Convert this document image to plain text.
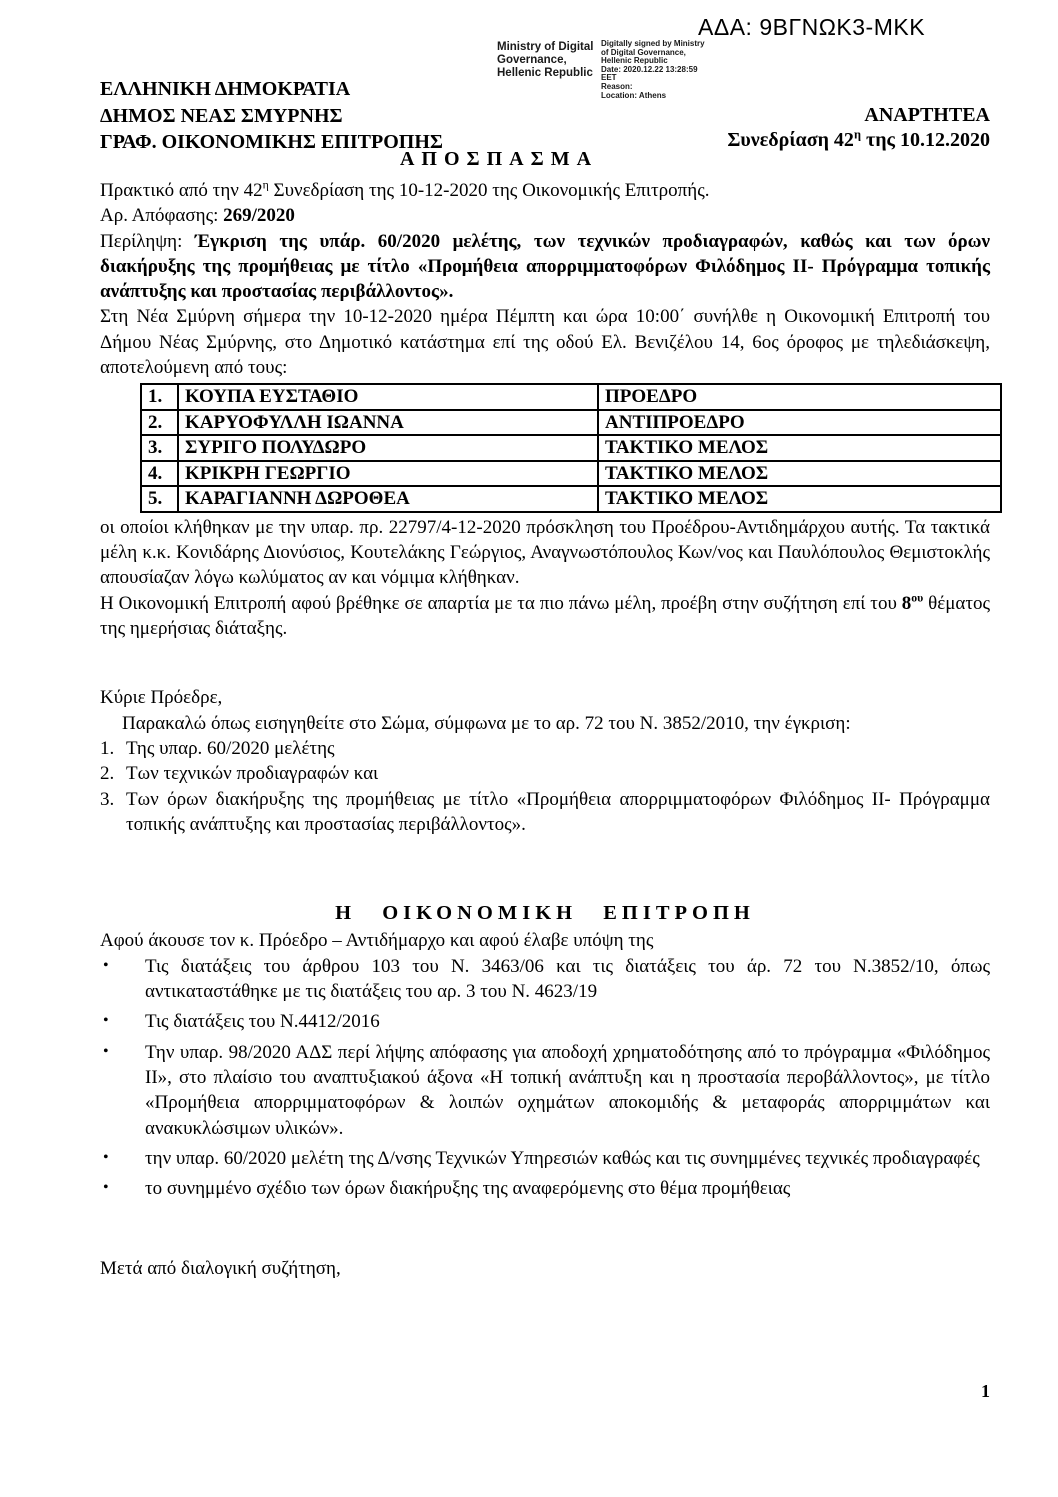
ΑΔΑ: 9ΒΓΝΩΚ3-ΜΚΚ
Ministry of Digital
Governance,
Hellenic Republic
Digitally signed by Ministry
of Digital Governance,
Hellenic Republic
Date: 2020.12.22 13:28:59
EET
Reason:
Location: Athens
ΕΛΛΗΝΙΚΗ ΔΗΜΟΚΡΑΤΙΑ
ΔΗΜΟΣ ΝΕΑΣ ΣΜΥΡΝΗΣ
ΓΡΑΦ. ΟΙΚΟΝΟΜΙΚΗΣ ΕΠΙΤΡΟΠΗΣ
ΑΝΑΡΤΗΤΕΑ
Συνεδρίαση $42^\eta$ της 10.12.2020
ΑΠΟΣΠΑΣΜΑ

Πρακτικό από την $42^\eta$ Συνεδρίαση της 10-12-2020 της Οικονομικής Επιτροπής.

Αρ. Απόφασης: 269/2020

Περίληψη: Έγκριση της υπάρ. 60/2020 μελέτης, των τεχνικών προδιαγραφών, καθώς και των όρων διακήρυξης της προμήθειας με τίτλο «Προμήθεια απορριμματοφόρων Φιλόδημος ΙΙ- Πρόγραμμα τοπικής ανάπτυξης και προστασίας περιβάλλοντος».

Στη Νέα Σμύρνη σήμερα την 10-12-2020 ημέρα Πέμπτη και ώρα 10:00΄ συνήλθε η Οικονομική Επιτροπή του Δήμου Νέας Σμύρνης, στο Δημοτικό κατάστημα επί της οδού Ελ. Βενιζέλου 14, 6ος όροφος με τηλεδιάσκεψη, αποτελούμενη από τους:

1.	ΚΟΥΠΑ ΕΥΣΤΑΘΙΟ	ΠΡΟΕΔΡΟ
2.	ΚΑΡΥΟΦΥΛΛΗ ΙΩΑΝΝΑ	ΑΝΤΙΠΡΟΕΔΡΟ
3.	ΣΥΡΙΓΟ ΠΟΛΥΔΩΡΟ	ΤΑΚΤΙΚΟ ΜΕΛΟΣ
4.	ΚΡΙΚΡΗ ΓΕΩΡΓΙΟ	ΤΑΚΤΙΚΟ ΜΕΛΟΣ
5.	ΚΑΡΑΓΙΑΝΝΗ ΔΩΡΟΘΕΑ	ΤΑΚΤΙΚΟ ΜΕΛΟΣ

οι οποίοι κλήθηκαν με την υπαρ. πρ. 22797/4-12-2020 πρόσκληση του Προέδρου-Αντιδημάρχου αυτής. Τα τακτικά μέλη κ.κ. Κονιδάρης Διονύσιος, Κουτελάκης Γεώργιος, Αναγνωστόπουλος Κων/νος και Παυλόπουλος Θεμιστοκλής απουσίαζαν λόγω κωλύματος αν και νόμιμα κλήθηκαν.

Η Οικονομική Επιτροπή αφού βρέθηκε σε απαρτία με τα πιο πάνω μέλη, προέβη στην συζήτηση επί του $8^{o\upsilon}$ θέματος της ημερήσιας διάταξης.

Κύριε Πρόεδρε,

Παρακαλώ όπως εισηγηθείτε στο Σώμα, σύμφωνα με το αρ. 72 του Ν. 3852/2010, την έγκριση:

1. Της υπαρ. 60/2020 μελέτης
2. Των τεχνικών προδιαγραφών και
3. Των όρων διακήρυξης της προμήθειας με τίτλο «Προμήθεια απορριμματοφόρων Φιλόδημος ΙΙ- Πρόγραμμα τοπικής ανάπτυξης και προστασίας περιβάλλοντος».
Η ΟΙΚΟΝΟΜΙΚΗ ΕΠΙΤΡΟΠΗ

Αφού άκουσε τον κ. Πρόεδρο – Αντιδήμαρχο και αφού έλαβε υπόψη της

• Τις διατάξεις του άρθρου 103 του Ν. 3463/06 και τις διατάξεις του άρ. 72 του Ν.3852/10, όπως αντικαταστάθηκε με τις διατάξεις του αρ. 3 του Ν. 4623/19
• Τις διατάξεις του Ν.4412/2016
• Την υπαρ. 98/2020 ΑΔΣ περί λήψης απόφασης για αποδοχή χρηματοδότησης από το πρόγραμμα «Φιλόδημος ΙΙ», στο πλαίσιο του αναπτυξιακού άξονα «Η τοπική ανάπτυξη και η προστασία περοβάλλοντος», με τίτλο «Προμήθεια απορριμματοφόρων & λοιπών οχημάτων αποκομιδής & μεταφοράς απορριμμάτων και ανακυκλώσιμων υλικών».
• την υπαρ. 60/2020 μελέτη της Δ/νσης Τεχνικών Υπηρεσιών καθώς και τις συνημμένες τεχνικές προδιαγραφές
• το συνημμένο σχέδιο των όρων διακήρυξης της αναφερόμενης στο θέμα προμήθειας

Μετά από διαλογική συζήτηση,

1
